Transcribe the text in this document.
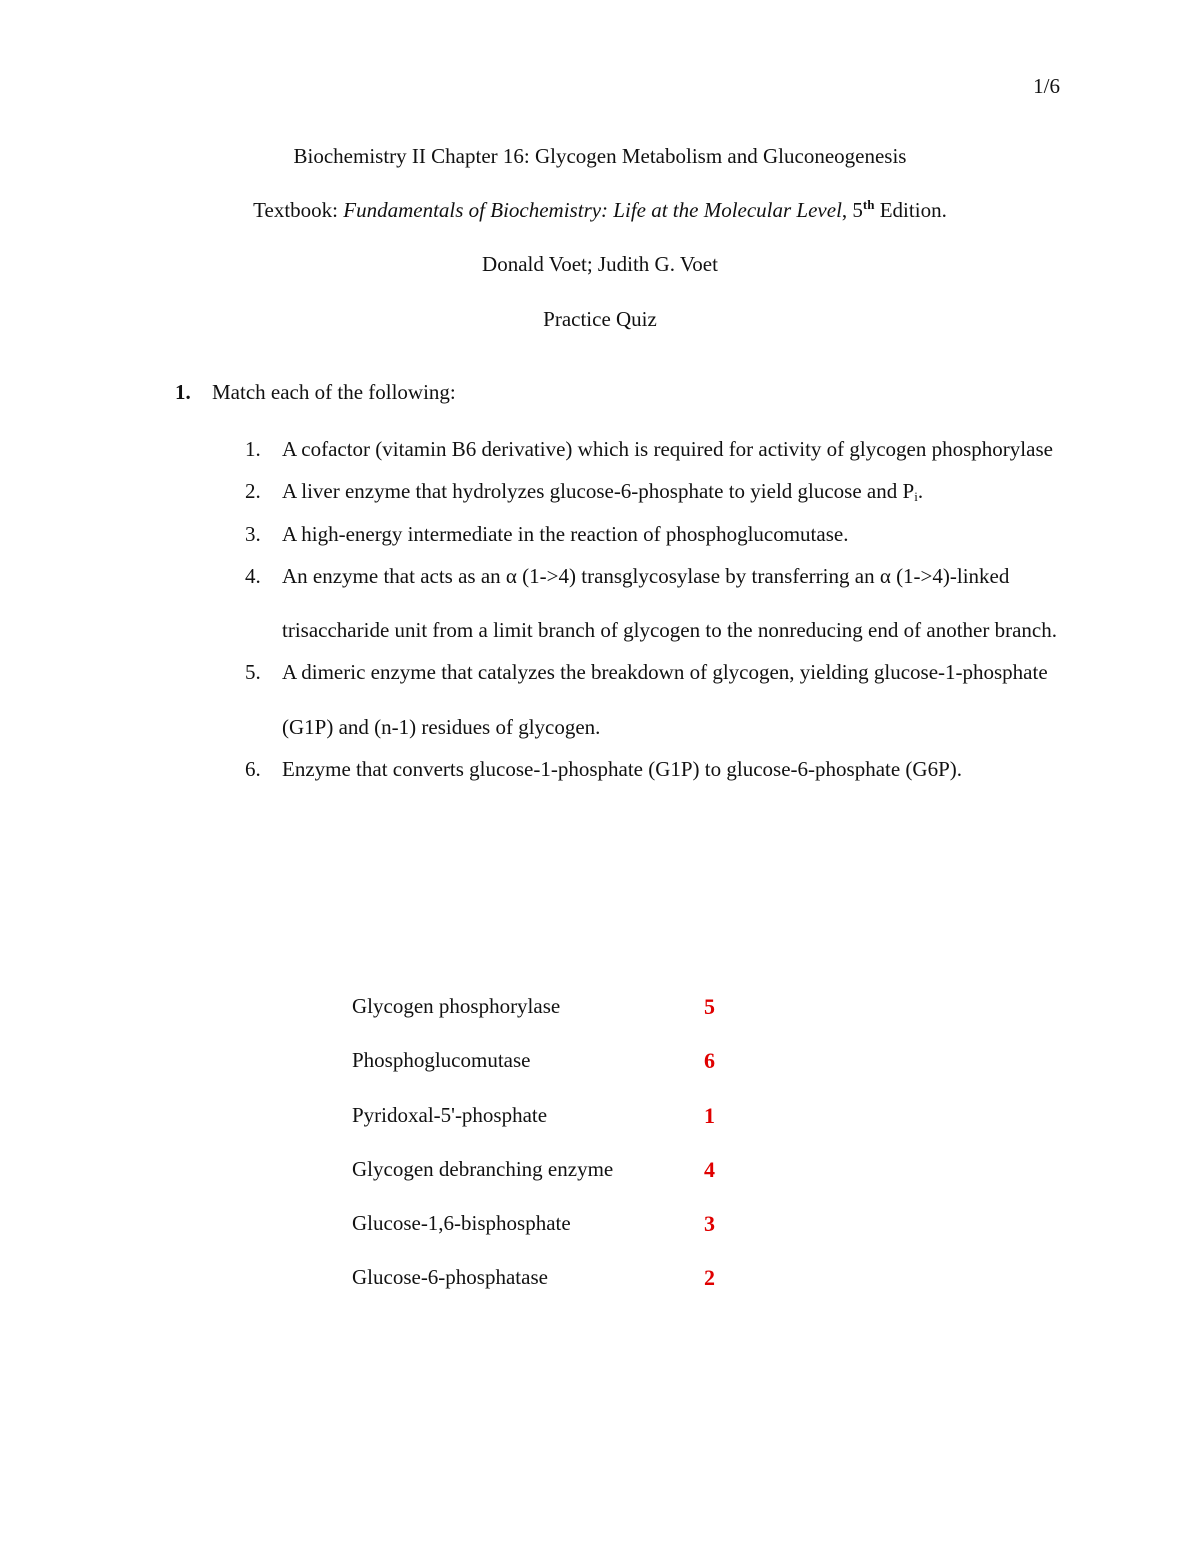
1/6
Biochemistry II Chapter 16: Glycogen Metabolism and Gluconeogenesis
Textbook: Fundamentals of Biochemistry: Life at the Molecular Level, 5th Edition.
Donald Voet; Judith G. Voet
Practice Quiz
1. Match each of the following:
1. A cofactor (vitamin B6 derivative) which is required for activity of glycogen phosphorylase
2. A liver enzyme that hydrolyzes glucose-6-phosphate to yield glucose and $P_i$.
3. A high-energy intermediate in the reaction of phosphoglucomutase.
4. An enzyme that acts as an α (1->4) transglycosylase by transferring an α (1->4)-linked trisaccharide unit from a limit branch of glycogen to the nonreducing end of another branch.
5. A dimeric enzyme that catalyzes the breakdown of glycogen, yielding glucose-1-phosphate (G1P) and (n-1) residues of glycogen.
6. Enzyme that converts glucose-1-phosphate (G1P) to glucose-6-phosphate (G6P).
Glycogen phosphorylase	5
Phosphoglucomutase	6
Pyridoxal-5'-phosphate	1
Glycogen debranching enzyme	4
Glucose-1,6-bisphosphate	3
Glucose-6-phosphatase	2
